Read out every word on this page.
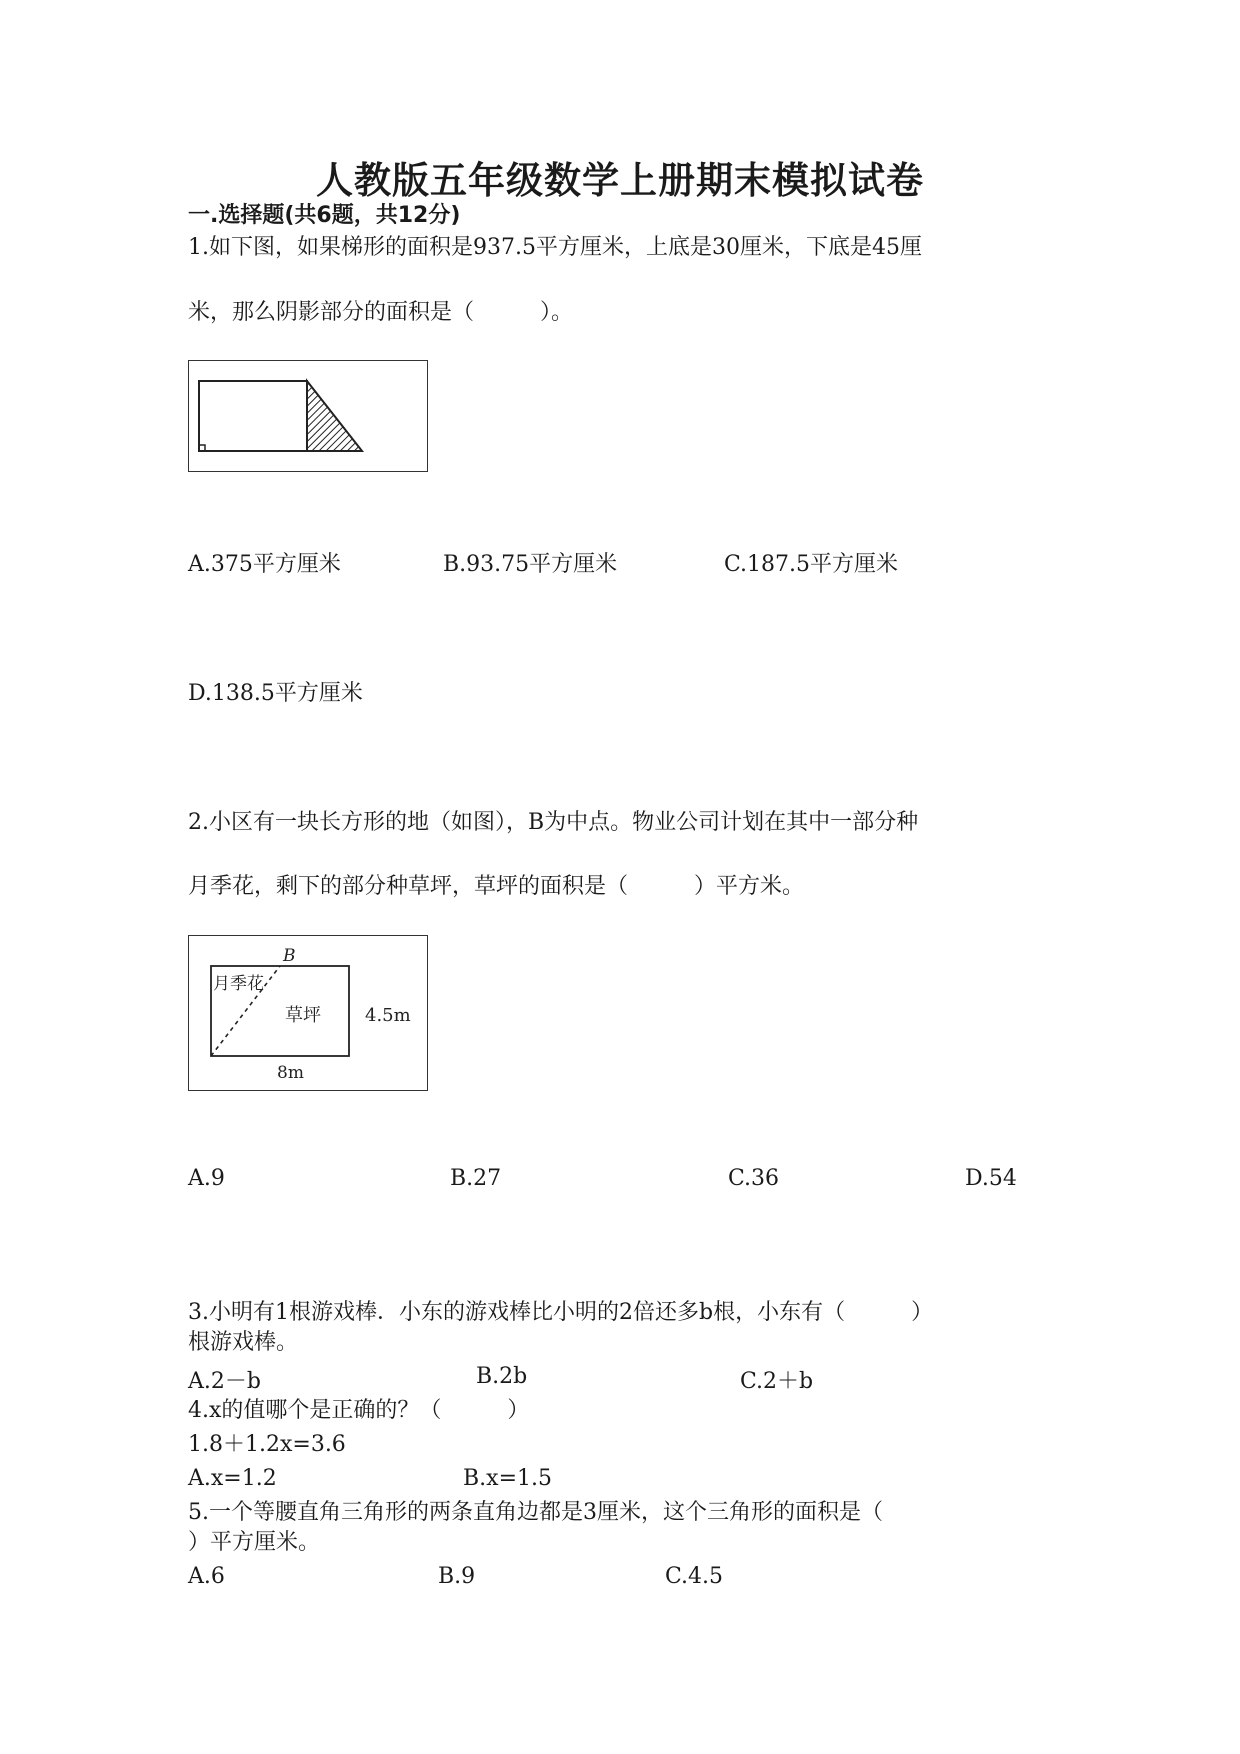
人教版五年级数学上册期末模拟试卷
一.选择题(共6题，共12分)
1.如下图，如果梯形的面积是937.5平方厘米，上底是30厘米，下底是45厘
米，那么阴影部分的面积是（　　　）。
A.375平方厘米	B.93.75平方厘米	C.187.5平方厘米
D.138.5平方厘米
2.小区有一块长方形的地（如图），B为中点。物业公司计划在其中一部分种
月季花，剩下的部分种草坪，草坪的面积是（　　　）平方米。
B
月季花
草坪 4.5m
8m
A.9	B.27	C.36	D.54
3.小明有1根游戏棒．小东的游戏棒比小明的2倍还多b根，小东有（　　　）
根游戏棒。
A.2－b	B.2b	C.2＋b
4.x的值哪个是正确的？（　　　）
1.8＋1.2x=3.6
A.x=1.2	B.x=1.5
5.一个等腰直角三角形的两条直角边都是3厘米，这个三角形的面积是（
）平方厘米。
A.6	B.9	C.4.5
